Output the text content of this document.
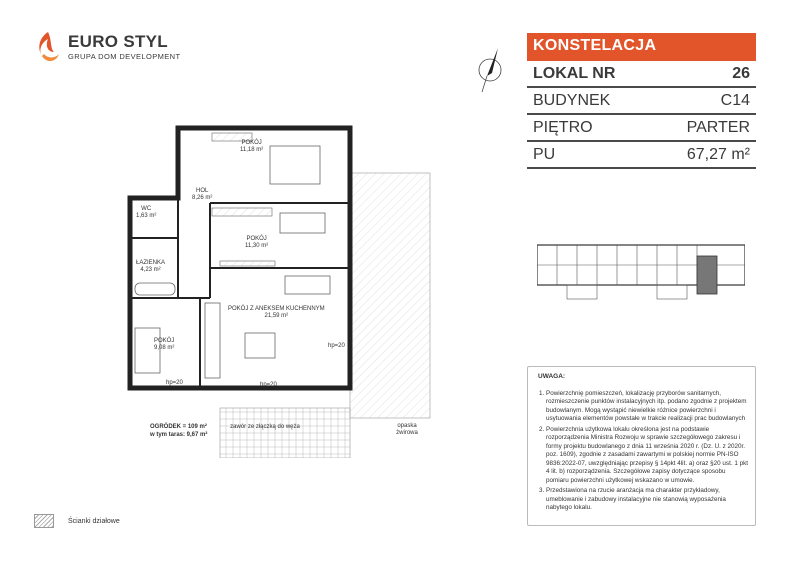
EURO STYL
GRUPA DOM DEVELOPMENT
KONSTELACJA
LOKAL NR	26
BUDYNEK	C14
PIĘTRO	PARTER
PU	67,27 m²
POKÓJ
11,18 m²
HOL
8,26 m²
WC
1,63 m²
POKÓJ
11,30 m²
ŁAZIENKA
4,23 m²
POKÓJ Z ANEKSEM KUCHENNYM
21,59 m²
POKÓJ
9,08 m²
hp=20	hp=20
hp=20
OGRÓDEK = 109 m²
w tym taras: 9,67 m²
zawór ze złączką do węża	opaska żwirowa
UWAGA:
1. Powierzchnię pomieszczeń, lokalizację przyborów sanitarnych, rozmieszczenie punktów instalacyjnych itp. podano zgodnie z projektem budowlanym. Mogą wystąpić niewielkie różnice powierzchni i usytuowania elementów powstałe w trakcie realizacji prac budowlanych
2. Powierzchnia użytkowa lokalu określona jest na podstawie rozporządzenia Ministra Rozwoju w sprawie szczegółowego zakresu i formy projektu budowlanego z dnia 11 września 2020 r. (Dz. U. z 2020r. poz. 1609), zgodnie z zasadami zawartymi w polskiej normie PN-ISO 9836:2022-07, uwzględniając przepisy § 14pkt 4lit. a) oraz §20 ust. 1 pkt 4 lit. b) rozporządzenia. Szczegółowe zapisy dotyczące sposobu pomiaru powierzchni użytkowej wskazano w umowie.
3. Przedstawiona na rzucie aranżacja ma charakter przykładowy, umeblowanie i zabudowy instalacyjne nie stanowią wyposażenia nabytego lokalu.
Ścianki działowe
